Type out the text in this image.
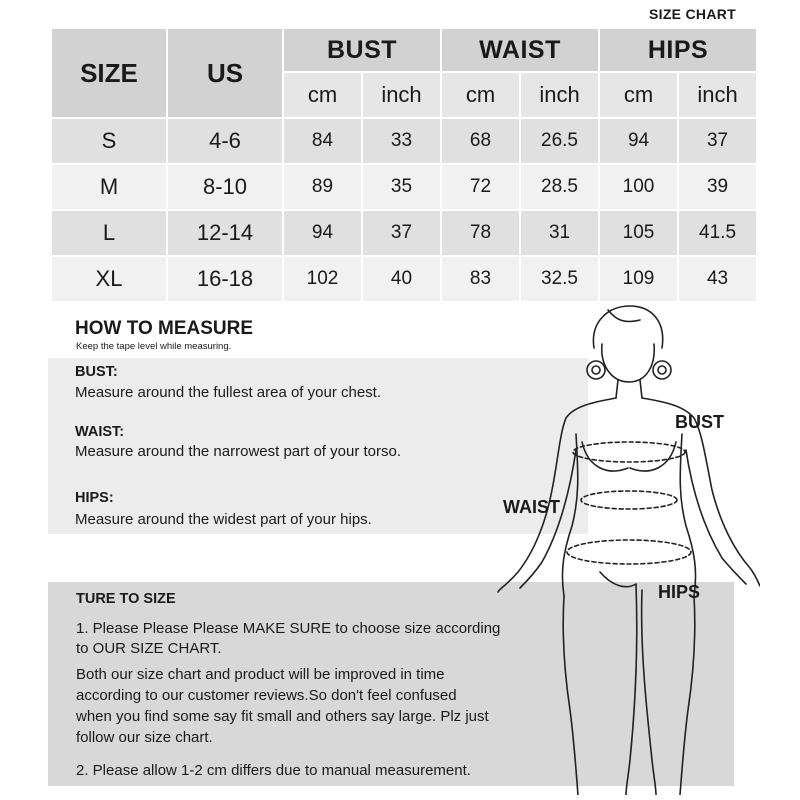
SIZE CHART
SIZE	US	BUST		WAIST		HIPS	
		cm	inch	cm	inch	cm	inch
S	4-6	84	33	68	26.5	94	37
M	8-10	89	35	72	28.5	100	39
L	12-14	94	37	78	31	105	41.5
XL	16-18	102	40	83	32.5	109	43
HOW TO MEASURE
Keep the tape level while measuring.
BUST:
Measure around the fullest area of your chest.
WAIST:
Measure around the narrowest part of your torso.
HIPS:
Measure around the widest part of your hips.
TURE TO SIZE
1. Please Please Please MAKE SURE to choose size according
to OUR SIZE CHART.
Both our size chart and product will be improved in time
according to our customer reviews.So don't feel confused
when you find some say fit small and others say large. Plz just
follow our size chart.
2. Please allow 1-2 cm differs due to manual measurement.
BUST
WAIST
HIPS
